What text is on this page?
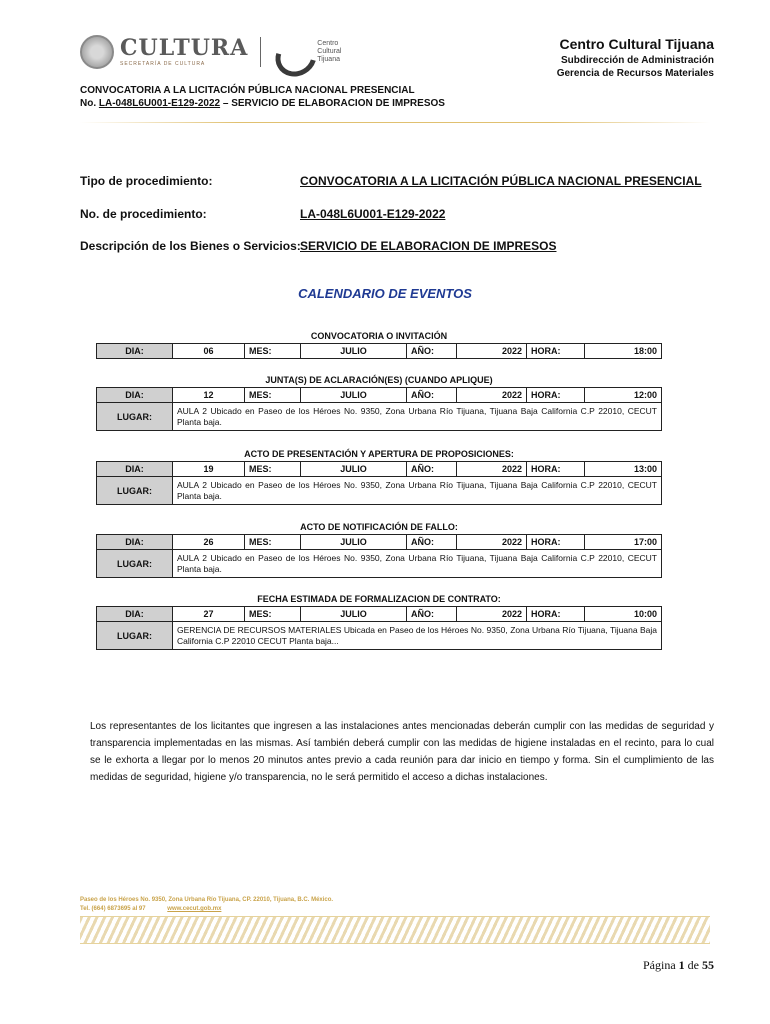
CULTURA
SECRETARÍA DE CULTURA
Centro
Cultural
Tijuana
Centro Cultural Tijuana
Subdirección de Administración
Gerencia de Recursos Materiales
CONVOCATORIA A LA LICITACIÓN PÚBLICA NACIONAL PRESENCIAL
No. LA-048L6U001-E129-2022 – SERVICIO DE ELABORACION DE IMPRESOS
Tipo de procedimiento:	CONVOCATORIA A LA LICITACIÓN PÚBLICA NACIONAL PRESENCIAL
No. de procedimiento:	LA-048L6U001-E129-2022
Descripción de los Bienes o Servicios: SERVICIO DE ELABORACION DE IMPRESOS
CALENDARIO DE EVENTOS
CONVOCATORIA O INVITACIÓN
DIA:	06	MES:	JULIO	AÑO:	2022	HORA:	18:00
JUNTA(S) DE ACLARACIÓN(ES) (CUANDO APLIQUE)
DIA:	12	MES:	JULIO	AÑO:	2022	HORA:	12:00
LUGAR:	AULA 2 Ubicado en Paseo de los Héroes No. 9350, Zona Urbana Río Tijuana, Tijuana Baja California C.P 22010, CECUT Planta baja.						
ACTO DE PRESENTACIÓN Y APERTURA DE PROPOSICIONES:
DIA:	19	MES:	JULIO	AÑO:	2022	HORA:	13:00
LUGAR:	AULA 2 Ubicado en Paseo de los Héroes No. 9350, Zona Urbana Río Tijuana, Tijuana Baja California C.P 22010, CECUT Planta baja.						
ACTO DE NOTIFICACIÓN DE FALLO:
DIA:	26	MES:	JULIO	AÑO:	2022	HORA:	17:00
LUGAR:	AULA 2 Ubicado en Paseo de los Héroes No. 9350, Zona Urbana Río Tijuana, Tijuana Baja California C.P 22010, CECUT Planta baja.						
FECHA ESTIMADA DE FORMALIZACION DE CONTRATO:
DIA:	27	MES:	JULIO	AÑO:	2022	HORA:	10:00
LUGAR:	GERENCIA DE RECURSOS MATERIALES Ubicada en Paseo de los Héroes No. 9350, Zona Urbana Río Tijuana, Tijuana Baja California C.P 22010 CECUT Planta baja...						
Los representantes de los licitantes que ingresen a las instalaciones antes mencionadas deberán cumplir con las medidas de seguridad y transparencia implementadas en las mismas. Así también deberá cumplir con las medidas de higiene instaladas en el recinto, para lo cual se le exhorta a llegar por lo menos 20 minutos antes previo a cada reunión para dar inicio en tiempo y forma. Sin el cumplimiento de las medidas de seguridad, higiene y/o transparencia, no le será permitido el acceso a dichas instalaciones.
Paseo de los Héroes No. 9350, Zona Urbana Río Tijuana, CP. 22010, Tijuana, B.C. México.
Tel. (664) 6873695 al 97	www.cecut.gob.mx
Página 1 de 55
